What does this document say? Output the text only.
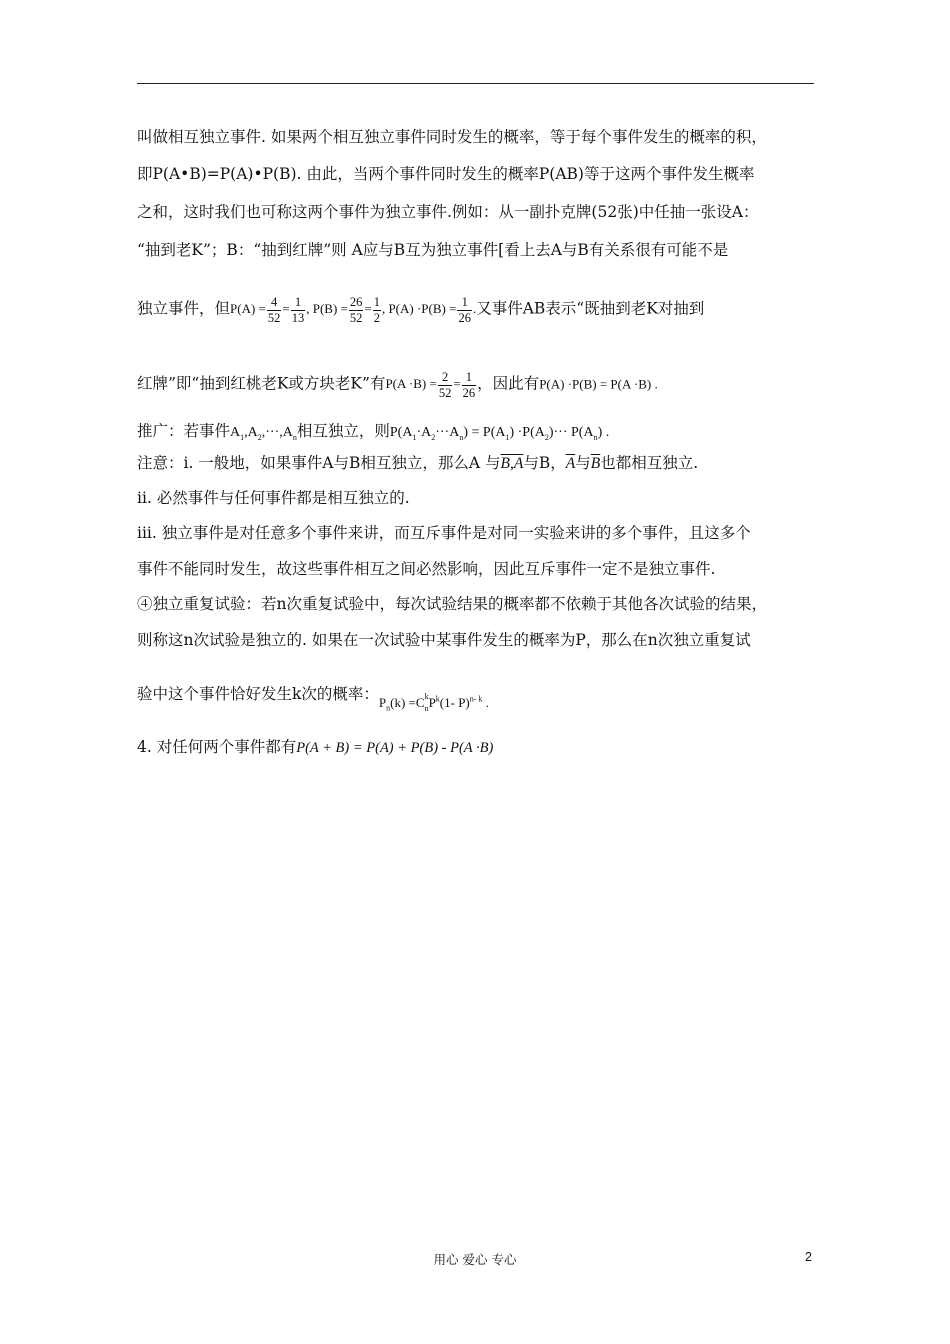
叫做相互独立事件. 如果两个相互独立事件同时发生的概率，等于每个事件发生的概率的积，
即P(A•B)=P(A)•P(B). 由此，当两个事件同时发生的概率P(AB)等于这两个事件发生概率
之和，这时我们也可称这两个事件为独立事件.例如：从一副扑克牌(52张)中任抽一张设A：
“抽到老K”；B：“抽到红牌”则 A应与B互为独立事件[看上去A与B有关系很有可能不是
独立事件，但$P(A) = \frac{4}{52} = \frac{1}{13}$ , $P(B) = \frac{26}{52} = \frac{1}{2}$ , $P(A) \cdot P(B) = \frac{1}{26}$ .又事件AB表示“既抽到老K对抽到
红牌”即“抽到红桃老K或方块老K”有$P(A \cdot B) = \frac{2}{52} = \frac{1}{26}$ ，因此有P(A) ·P(B) = P(A ·B) .
推广：若事件$A_1,A_2,\cdot\cdot\cdot,A_n$相互独立，则$P(A_1\cdot A_2\cdot\cdot\cdot A_n) = P(A_1) \cdot P(A_2)\cdot\cdot\cdot P(A_n)$ .
注意：i. 一般地，如果事件A与B相互独立，那么A 与B,A与B，$\overline{A}$与$\overline{B}$也都相互独立.
ii. 必然事件与任何事件都是相互独立的.
iii. 独立事件是对任意多个事件来讲，而互斥事件是对同一实验来讲的多个事件，且这多个
事件不能同时发生，故这些事件相互之间必然影响，因此互斥事件一定不是独立事件.
④独立重复试验：若n次重复试验中，每次试验结果的概率都不依赖于其他各次试验的结果，
则称这n次试验是独立的. 如果在一次试验中某事件发生的概率为P，那么在n次独立重复试
验中这个事件恰好发生k次的概率：$_{P_n(k) =C^k_nP^k(1- P)^{n- k} .}$
4. 对任何两个事件都有P(A + B) = P(A) + P(B) - P(A ·B)
用心 爱心 专心	2
